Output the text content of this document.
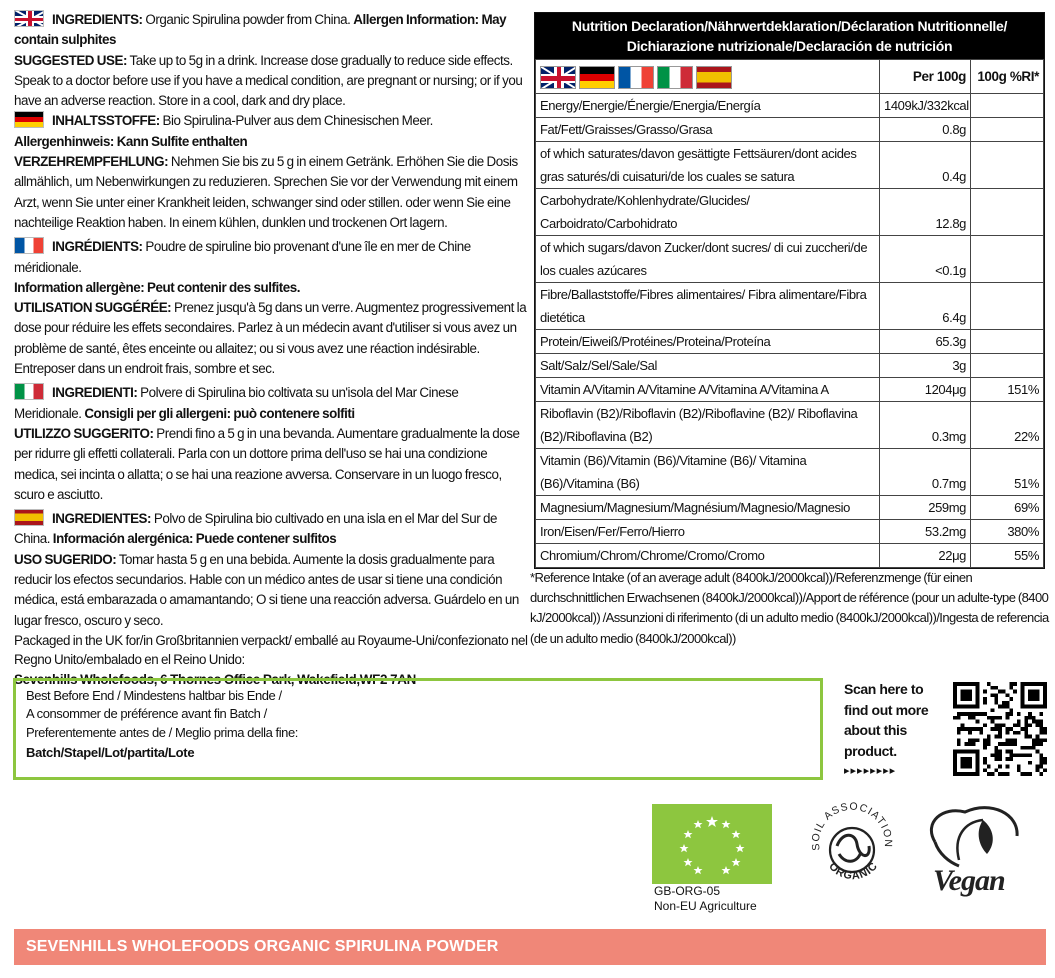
INGREDIENTS: Organic Spirulina powder from China. Allergen Information: May contain sulphites

SUGGESTED USE: Take up to 5g in a drink. Increase dose gradually to reduce side effects. Speak to a doctor before use if you have a medical condition, are pregnant or nursing; or if you have an adverse reaction. Store in a cool, dark and dry place.

INHALTSSTOFFE: Bio Spirulina-Pulver aus dem Chinesischen Meer.

Allergenhinweis: Kann Sulfite enthalten

VERZEHREMPFEHLUNG: Nehmen Sie bis zu 5 g in einem Getränk. Erhöhen Sie die Dosis allmählich, um Nebenwirkungen zu reduzieren. Sprechen Sie vor der Verwendung mit einem Arzt, wenn Sie unter einer Krankheit leiden, schwanger sind oder stillen. oder wenn Sie eine nachteilige Reaktion haben. In einem kühlen, dunklen und trockenen Ort lagern.

INGRÉDIENTS: Poudre de spiruline bio provenant d'une île en mer de Chine méridionale.

Information allergène: Peut contenir des sulfites.

UTILISATION SUGGÉRÉE: Prenez jusqu'à 5g dans un verre. Augmentez progressivement la dose pour réduire les effets secondaires. Parlez à un médecin avant d'utiliser si vous avez un problème de santé, êtes enceinte ou allaitez; ou si vous avez une réaction indésirable. Entreposer dans un endroit frais, sombre et sec.

INGREDIENTI: Polvere di Spirulina bio coltivata su un'isola del Mar Cinese Meridionale. Consigli per gli allergeni: può contenere solfiti

UTILIZZO SUGGERITO: Prendi fino a 5 g in una bevanda. Aumentare gradualmente la dose per ridurre gli effetti collaterali. Parla con un dottore prima dell'uso se hai una condizione medica, sei incinta o allatta; o se hai una reazione avversa. Conservare in un luogo fresco, scuro e asciutto.

INGREDIENTES: Polvo de Spirulina bio cultivado en una isla en el Mar del Sur de China. Información alergénica: Puede contener sulfitos

USO SUGERIDO: Tomar hasta 5 g en una bebida. Aumente la dosis gradualmente para reducir los efectos secundarios. Hable con un médico antes de usar si tiene una condición médica, está embarazada o amamantando; O si tiene una reacción adversa. Guárdelo en un lugar fresco, oscuro y seco.

Packaged in the UK for/in Großbritannien verpackt/ emballé au Royaume-Uni/confezionato nel Regno Unito/embalado en el Reino Unido:

Sevenhills Wholefoods, 6 Thornes Office Park, Wakefield,WF2 7AN

Nutrition Declaration/Nährwertdeklaration/Déclaration Nutritionnelle/ Dichiarazione nutrizionale/Declaración de nutrición
	Per 100g	100g %RI*
Energy/Energie/Énergie/Energia/Energía	1409kJ/332kcal	
Fat/Fett/Graisses/Grasso/Grasa	0.8g	
of which saturates/davon gesättigte Fettsäuren/dont acides gras saturés/di cuisaturi/de los cuales se satura	0.4g	
Carbohydrate/Kohlenhydrate/Glucides/ Carboidrato/Carbohidrato	12.8g	
of which sugars/davon Zucker/dont sucres/ di cui zuccheri/de los cuales azúcares	<0.1g	
Fibre/Ballaststoffe/Fibres alimentaires/ Fibra alimentare/Fibra dietética	6.4g	
Protein/Eiweiß/Protéines/Proteina/Proteína	65.3g	
Salt/Salz/Sel/Sale/Sal	3g	
Vitamin A/Vitamin A/Vitamine A/Vitamina A/Vitamina A	1204μg	151%
Riboflavin (B2)/Riboflavin (B2)/Riboflavine (B2)/ Riboflavina (B2)/Riboflavina (B2)	0.3mg	22%
Vitamin (B6)/Vitamin (B6)/Vitamine (B6)/ Vitamina (B6)/Vitamina (B6)	0.7mg	51%
Magnesium/Magnesium/Magnésium/Magnesio/Magnesio	259mg	69%
Iron/Eisen/Fer/Ferro/Hierro	53.2mg	380%
Chromium/Chrom/Chrome/Cromo/Cromo	22μg	55%

*Reference Intake (of an average adult (8400kJ/2000kcal))/Referenzmenge (für einen durchschnittlichen Erwachsenen (8400kJ/2000kcal))/Apport de référence (pour un adulte-type (8400 kJ/2000kcal)) /Assunzioni di riferimento (di un adulto medio (8400kJ/2000kcal))/Ingesta de referencia (de un adulto medio (8400kJ/2000kcal))

Best Before End / Mindestens haltbar bis Ende /
A consommer de préférence avant fin Batch /
Preferentemente antes de / Meglio prima della fine:
Batch/Stapel/Lot/partita/Lote
Scan here to find out more about this product.
▸▸▸▸▸▸▸▸
GB-ORG-05
Non-EU Agriculture
SOIL ASSOCIATION
ORGANIC Vegan
SEVENHILLS WHOLEFOODS ORGANIC SPIRULINA POWDER
